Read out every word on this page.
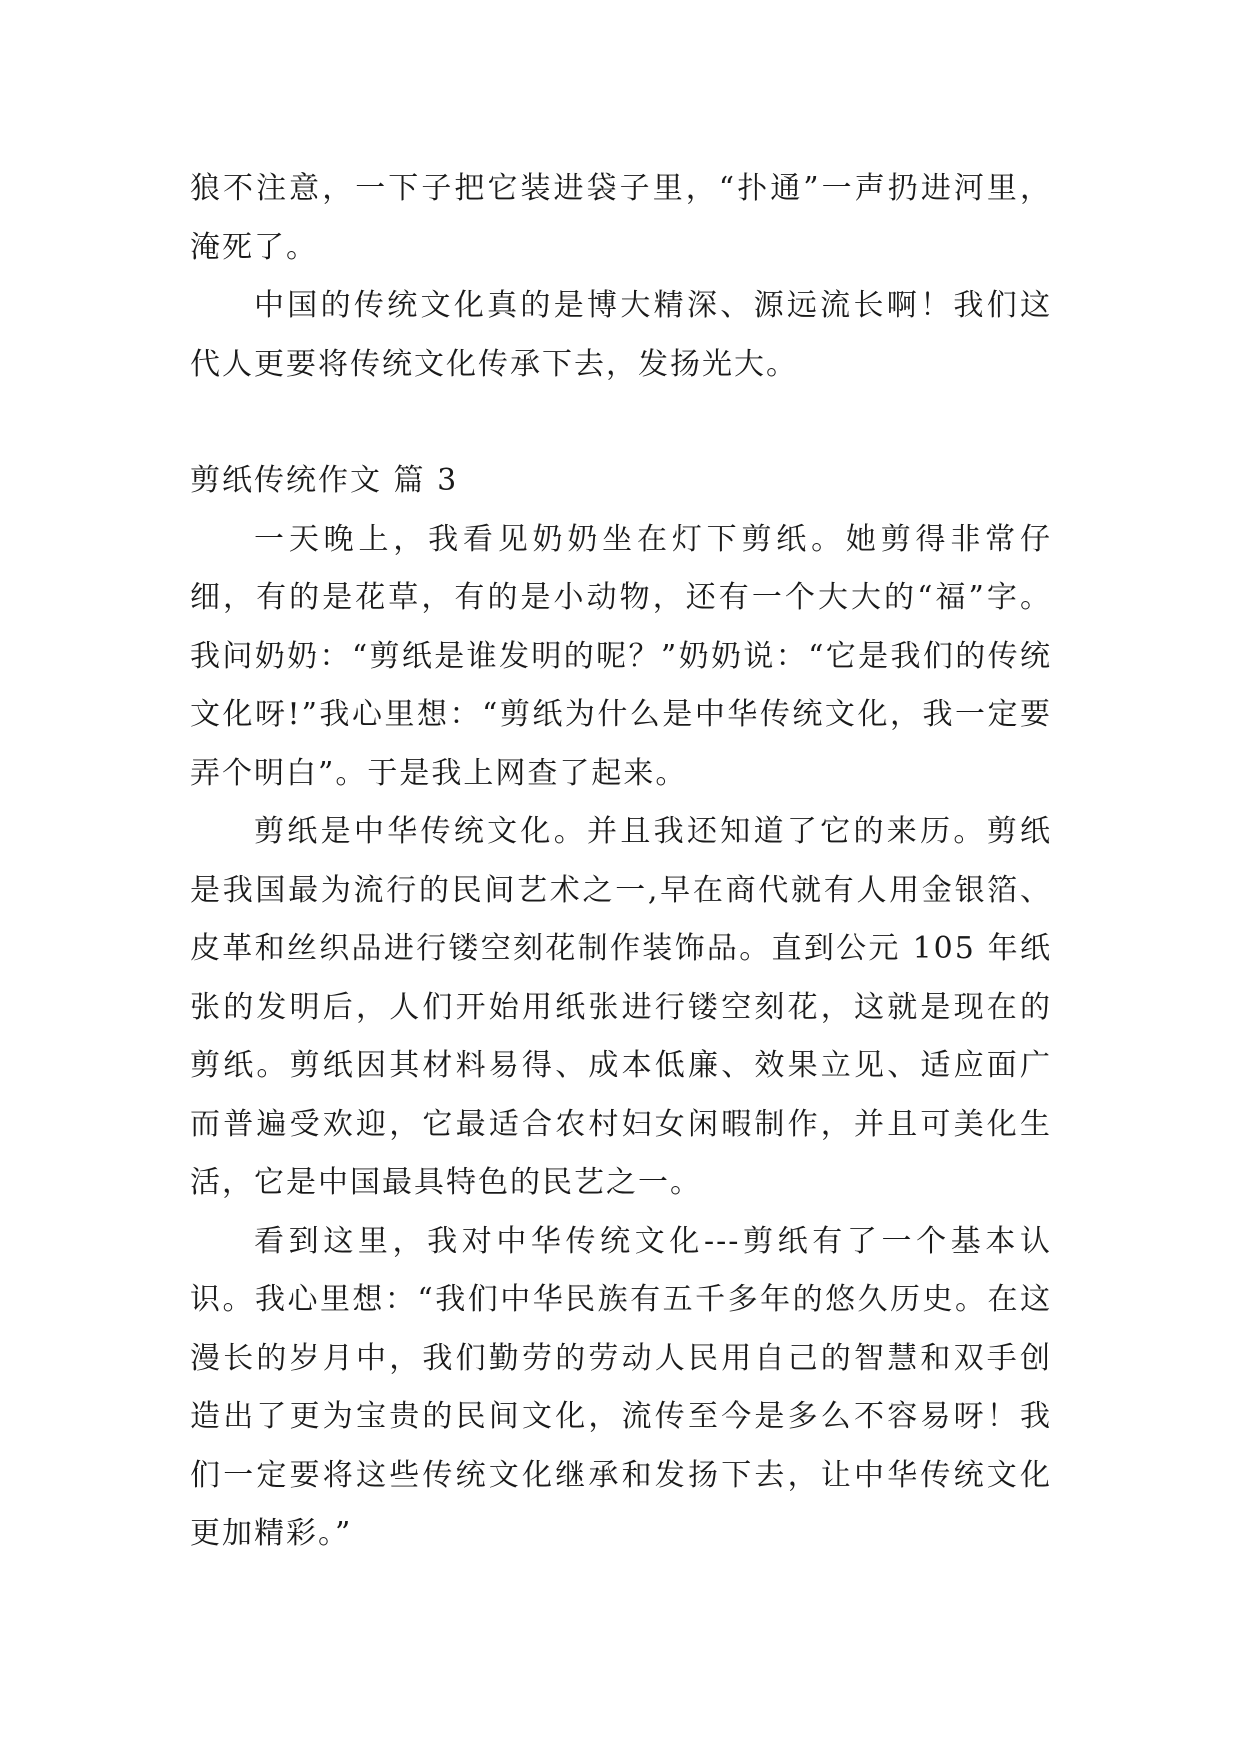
狼不注意，一下子把它装进袋子里，“扑通”一声扔进河里，淹死了。

中国的传统文化真的是博大精深、源远流长啊！我们这代人更要将传统文化传承下去，发扬光大。

剪纸传统作文 篇 3

一天晚上，我看见奶奶坐在灯下剪纸。她剪得非常仔细，有的是花草，有的是小动物，还有一个大大的“福”字。我问奶奶：“剪纸是谁发明的呢？”奶奶说：“它是我们的传统文化呀!”我心里想：“剪纸为什么是中华传统文化，我一定要弄个明白”。于是我上网查了起来。

剪纸是中华传统文化。并且我还知道了它的来历。剪纸是我国最为流行的民间艺术之一,早在商代就有人用金银箔、皮革和丝织品进行镂空刻花制作装饰品。直到公元 105 年纸张的发明后，人们开始用纸张进行镂空刻花，这就是现在的剪纸。剪纸因其材料易得、成本低廉、效果立见、适应面广而普遍受欢迎，它最适合农村妇女闲暇制作，并且可美化生活，它是中国最具特色的民艺之一。

看到这里，我对中华传统文化---剪纸有了一个基本认识。我心里想：“我们中华民族有五千多年的悠久历史。在这漫长的岁月中，我们勤劳的劳动人民用自己的智慧和双手创造出了更为宝贵的民间文化，流传至今是多么不容易呀！我们一定要将这些传统文化继承和发扬下去，让中华传统文化更加精彩。”
